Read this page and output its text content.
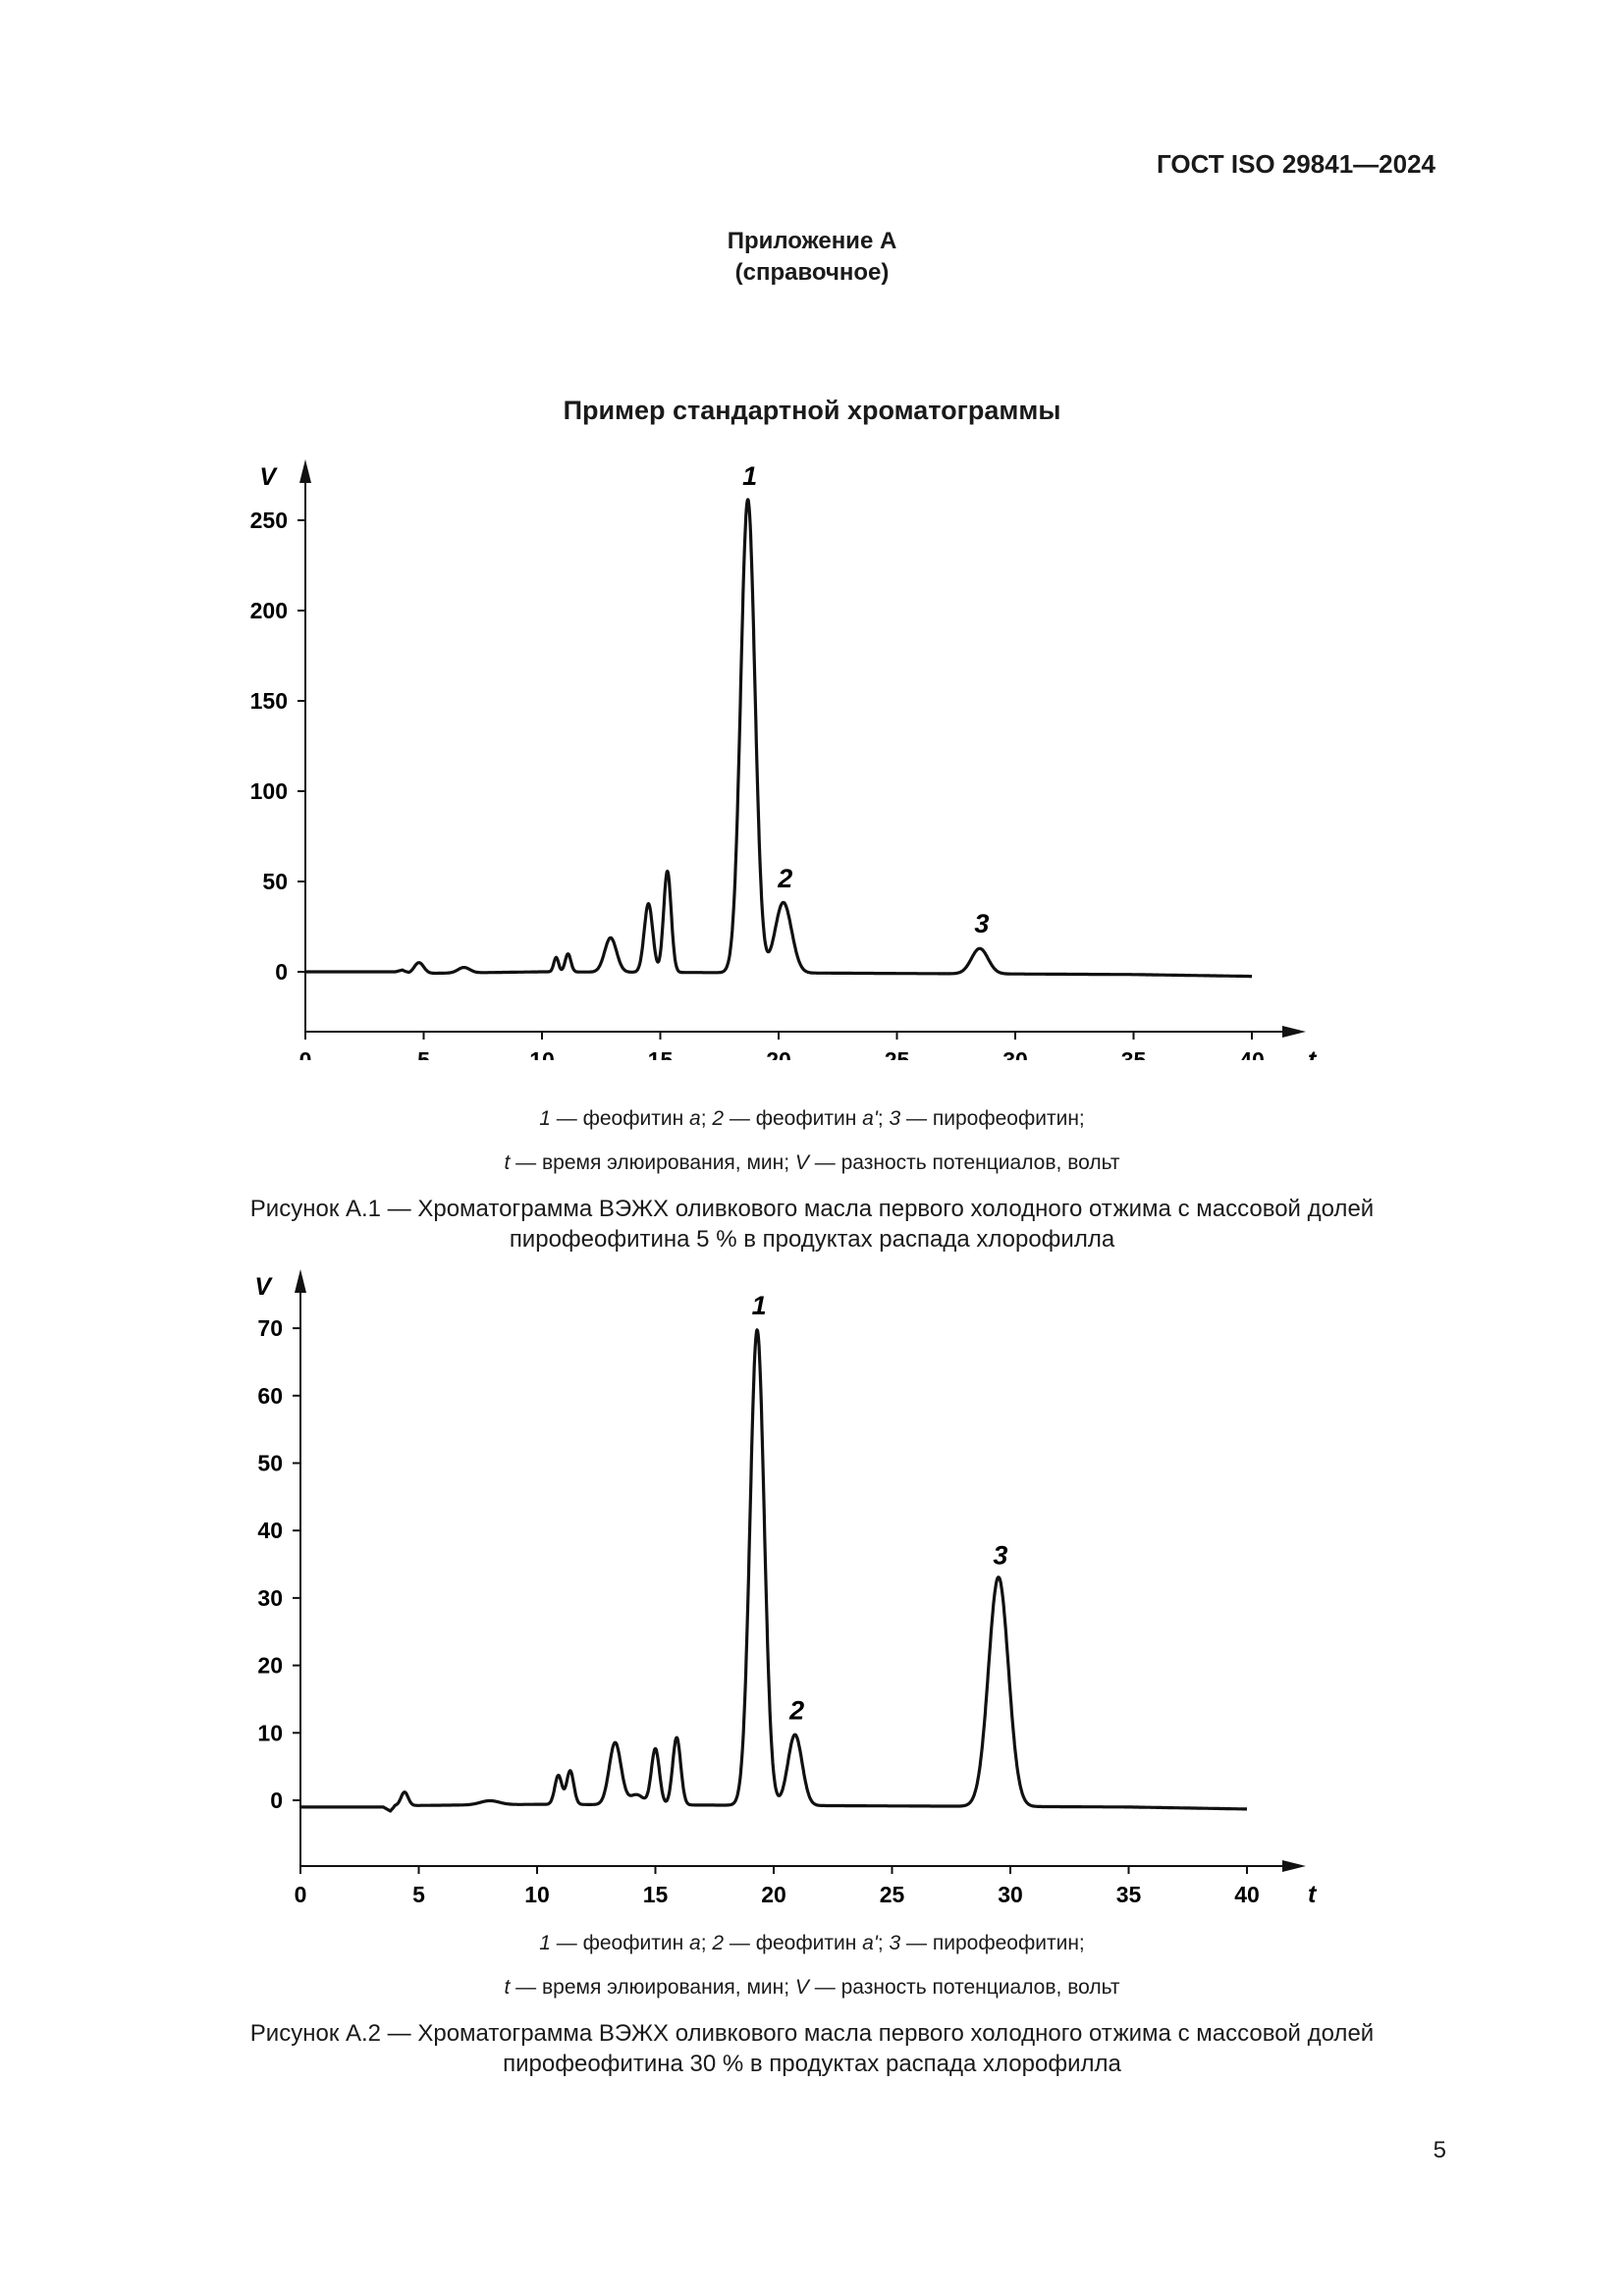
ГОСТ ISO 29841—2024
Приложение А
(справочное)
Пример стандартной хроматограммы
V
t
0
50
100
150
200
250
0	5	10	15	20	25	30	35	40
1
2
3
1 — феофитин a; 2 — феофитин a'; 3 — пирофеофитин;
t — время элюирования, мин; V — разность потенциалов, вольт
Рисунок А.1 — Хроматограмма ВЭЖХ оливкового масла первого холодного отжима с массовой долей
пирофеофитина 5 % в продуктах распада хлорофилла
V
t
0
10
20
30
40
50
60
70
0	5	10	15	20	25	30	35	40
1
2
3
1 — феофитин a; 2 — феофитин a'; 3 — пирофеофитин;
t — время элюирования, мин; V — разность потенциалов, вольт
Рисунок А.2 — Хроматограмма ВЭЖХ оливкового масла первого холодного отжима с массовой долей
пирофеофитина 30 % в продуктах распада хлорофилла
5
